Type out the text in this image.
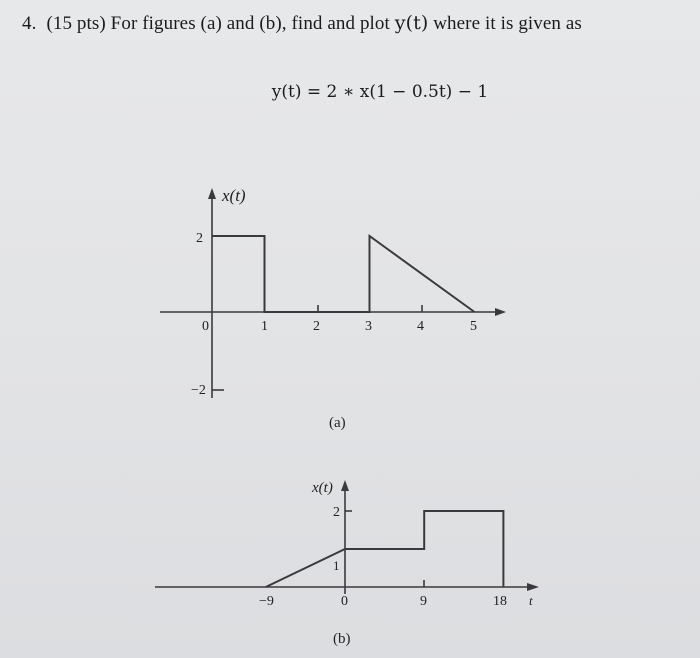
4. (15 pts) For figures (a) and (b), find and plot y(t) where it is given as
y(t) = 2 ∗ x(1 − 0.5t) − 1
x(t)
2
−2
0	1	2	3	4	5
(a)
x(t)
2
1
−9	0	9	18 t
(b)
